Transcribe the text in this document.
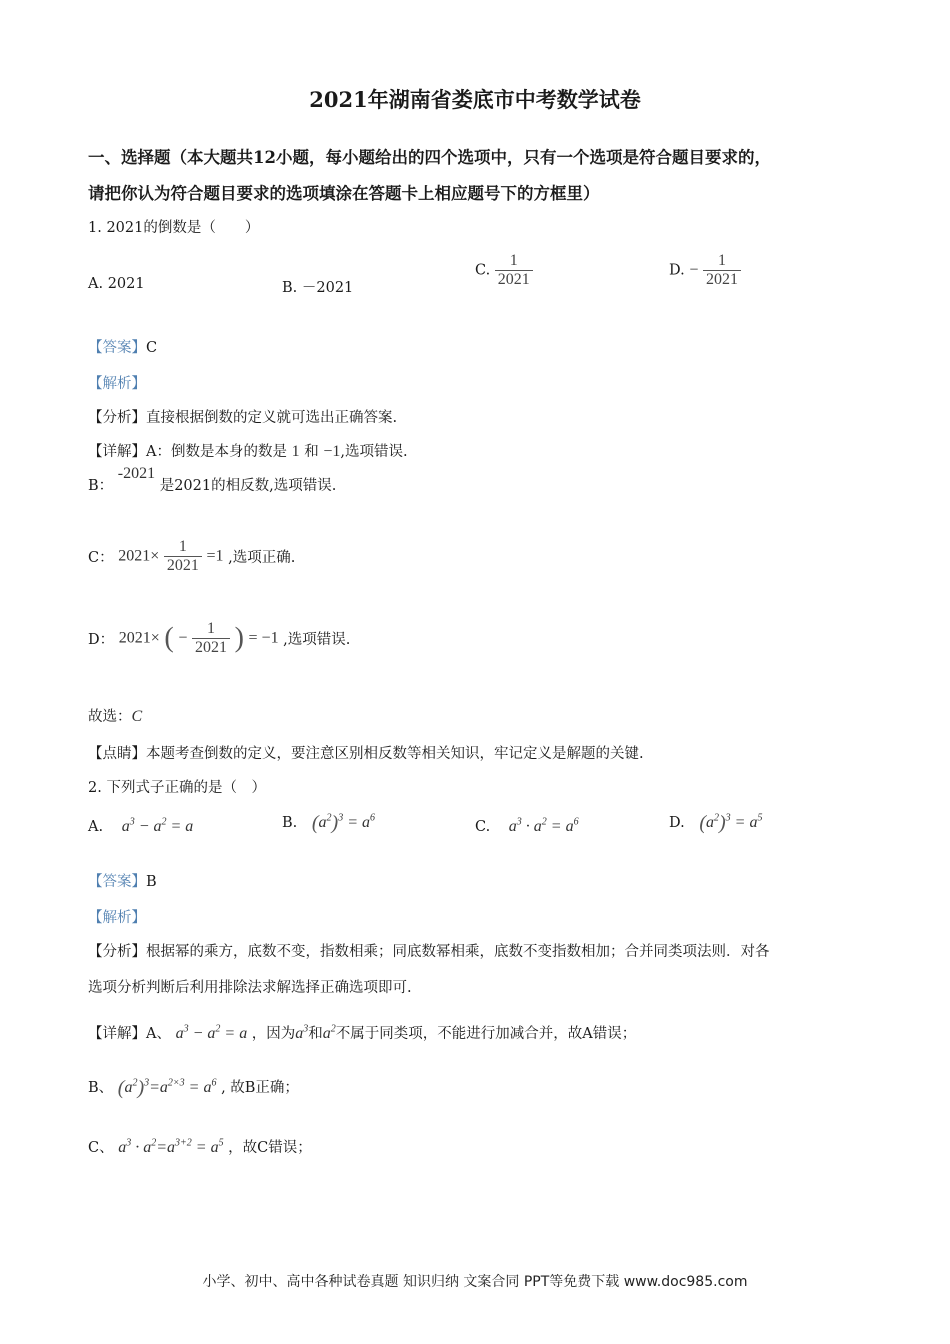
2021年湖南省娄底市中考数学试卷
一、选择题（本大题共12小题，每小题给出的四个选项中，只有一个选项是符合题目要求的，
请把你认为符合题目要求的选项填涂在答题卡上相应题号下的方框里）
1. 2021的倒数是（　　）
A. 2021	B. －2021
C. $\frac{1}{2021}$	D. − $\frac{1}{2021}$
【答案】C
【解析】
【分析】直接根据倒数的定义就可选出正确答案.
【详解】A：倒数是本身的数是 1 和 −1,选项错误.
B： -2021 是2021的相反数,选项错误.
C： $2021\times \frac{1}{2021} =1$ ,选项正确.
D： 2021× ( − $\frac{1}{2021}$ ) = −1 ,选项错误.
故选：C
【点睛】本题考查倒数的定义，要注意区别相反数等相关知识，牢记定义是解题的关键.
2. 下列式子正确的是（　）
A. $a^3 - a^2 = a$	B. $(a^2)^3 = a^6$
C. $a^3 \cdot a^2 = a^6$	D. $(a^2)^3 = a^5$
【答案】B
【解析】
【分析】根据幂的乘方，底数不变，指数相乘；同底数幂相乘，底数不变指数相加；合并同类项法则．对各
选项分析判断后利用排除法求解选择正确选项即可.
【详解】A、 $a^3 - a^2 = a$ ，因为$a^3$和$a^2$不属于同类项，不能进行加减合并，故A错误；
B、 $(a^2)^3=a^{2\times 3} = a^6$ , 故B正确；
C、 $a^3 \cdot a^2=a^{3+2} = a^5$ ，故C错误；
小学、初中、高中各种试卷真题 知识归纳 文案合同 PPT等免费下载 www.doc985.com
